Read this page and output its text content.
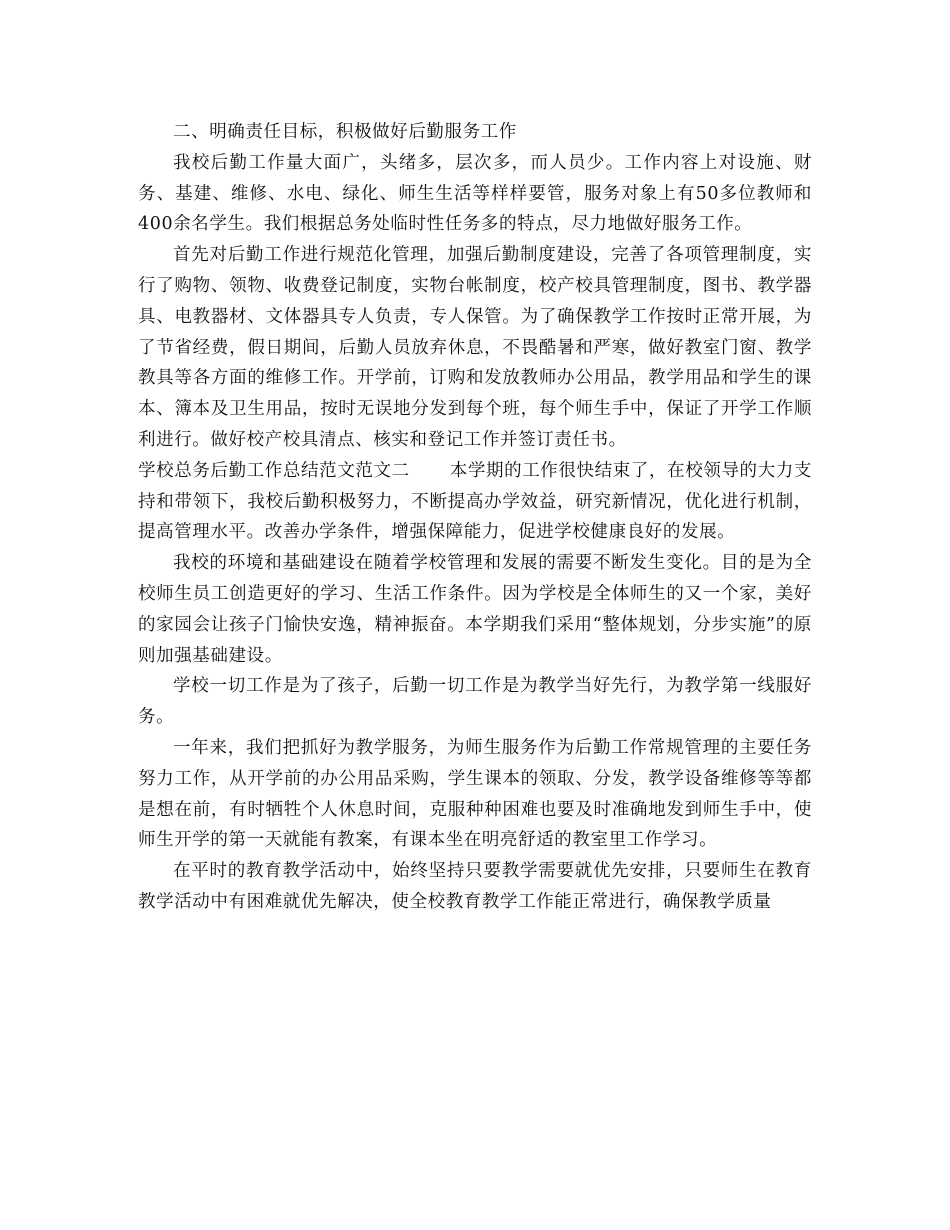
二、明确责任目标，积极做好后勤服务工作

我校后勤工作量大面广，头绪多，层次多，而人员少。工作内容上对设施、财务、基建、维修、水电、绿化、师生生活等样样要管，服务对象上有50多位教师和400余名学生。我们根据总务处临时性任务多的特点，尽力地做好服务工作。

首先对后勤工作进行规范化管理，加强后勤制度建设，完善了各项管理制度，实行了购物、领物、收费登记制度，实物台帐制度，校产校具管理制度，图书、教学器具、电教器材、文体器具专人负责，专人保管。为了确保教学工作按时正常开展，为了节省经费，假日期间，后勤人员放弃休息，不畏酷暑和严寒，做好教室门窗、教学教具等各方面的维修工作。开学前，订购和发放教师办公用品，教学用品和学生的课本、簿本及卫生用品，按时无误地分发到每个班，每个师生手中，保证了开学工作顺利进行。做好校产校具清点、核实和登记工作并签订责任书。

学校总务后勤工作总结范文范文二 本学期的工作很快结束了，在校领导的大力支持和带领下，我校后勤积极努力，不断提高办学效益，研究新情况，优化进行机制，提高管理水平。改善办学条件，增强保障能力，促进学校健康良好的发展。

我校的环境和基础建设在随着学校管理和发展的需要不断发生变化。目的是为全校师生员工创造更好的学习、生活工作条件。因为学校是全体师生的又一个家，美好的家园会让孩子门愉快安逸，精神振奋。本学期我们采用“整体规划，分步实施”的原则加强基础建设。

学校一切工作是为了孩子，后勤一切工作是为教学当好先行，为教学第一线服好务。

一年来，我们把抓好为教学服务，为师生服务作为后勤工作常规管理的主要任务努力工作，从开学前的办公用品采购，学生课本的领取、分发，教学设备维修等等都是想在前，有时牺牲个人休息时间，克服种种困难也要及时准确地发到师生手中，使师生开学的第一天就能有教案，有课本坐在明亮舒适的教室里工作学习。

在平时的教育教学活动中，始终坚持只要教学需要就优先安排，只要师生在教育教学活动中有困难就优先解决，使全校教育教学工作能正常进行，确保教学质量
